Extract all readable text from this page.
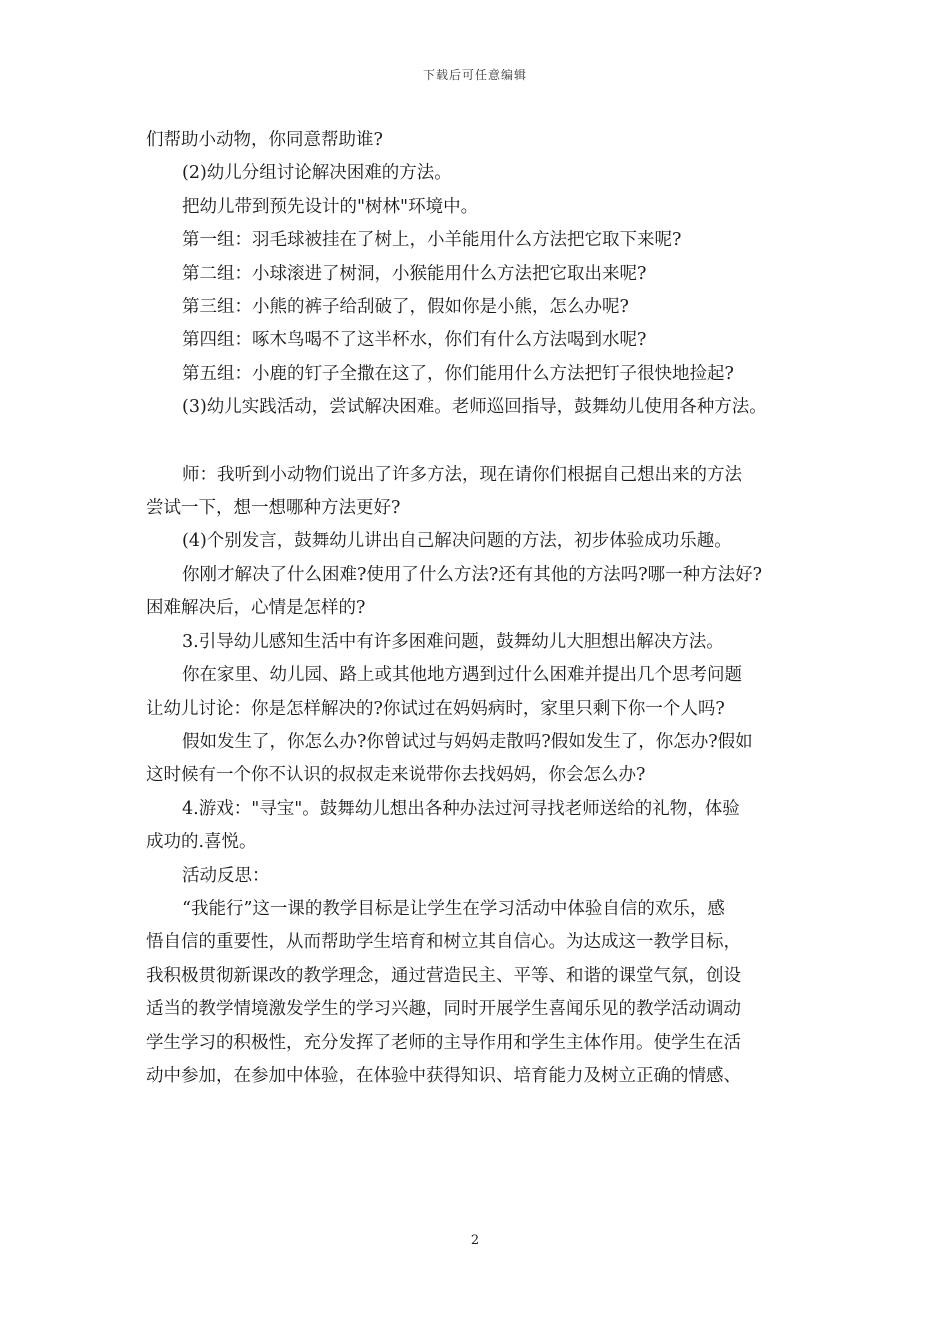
下载后可任意编辑

们帮助小动物，你同意帮助谁?

(2)幼儿分组讨论解决困难的方法。

把幼儿带到预先设计的"树林"环境中。

第一组：羽毛球被挂在了树上，小羊能用什么方法把它取下来呢?

第二组：小球滚进了树洞，小猴能用什么方法把它取出来呢?

第三组：小熊的裤子给刮破了，假如你是小熊，怎么办呢?

第四组：啄木鸟喝不了这半杯水，你们有什么方法喝到水呢?

第五组：小鹿的钉子全撒在这了，你们能用什么方法把钉子很快地捡起?

(3)幼儿实践活动，尝试解决困难。老师巡回指导，鼓舞幼儿使用各种方法。

师：我听到小动物们说出了许多方法，现在请你们根据自己想出来的方法

尝试一下，想一想哪种方法更好?

(4)个别发言，鼓舞幼儿讲出自己解决问题的方法，初步体验成功乐趣。

你刚才解决了什么困难?使用了什么方法?还有其他的方法吗?哪一种方法好?

困难解决后，心情是怎样的?

3.引导幼儿感知生活中有许多困难问题，鼓舞幼儿大胆想出解决方法。

你在家里、幼儿园、路上或其他地方遇到过什么困难并提出几个思考问题

让幼儿讨论：你是怎样解决的?你试过在妈妈病时，家里只剩下你一个人吗?

假如发生了，你怎么办?你曾试过与妈妈走散吗?假如发生了，你怎办?假如

这时候有一个你不认识的叔叔走来说带你去找妈妈，你会怎么办?

4.游戏："寻宝"。鼓舞幼儿想出各种办法过河寻找老师送给的礼物，体验

成功的.喜悦。

活动反思：

“我能行”这一课的教学目标是让学生在学习活动中体验自信的欢乐，感

悟自信的重要性，从而帮助学生培育和树立其自信心。为达成这一教学目标，

我积极贯彻新课改的教学理念，通过营造民主、平等、和谐的课堂气氛，创设

适当的教学情境激发学生的学习兴趣，同时开展学生喜闻乐见的教学活动调动

学生学习的积极性，充分发挥了老师的主导作用和学生主体作用。使学生在活

动中参加，在参加中体验，在体验中获得知识、培育能力及树立正确的情感、

2
